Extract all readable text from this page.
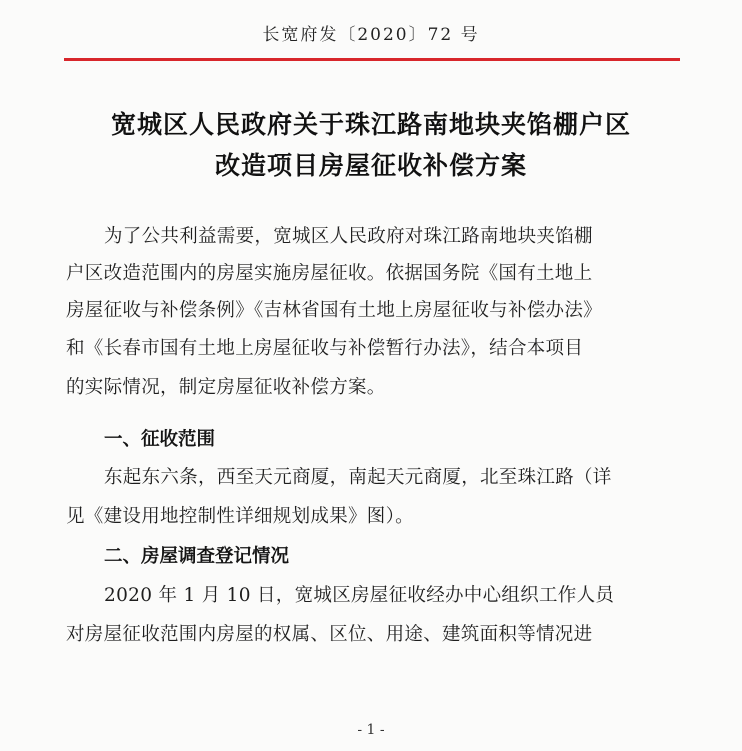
长宽府发〔2020〕72 号
宽城区人民政府关于珠江路南地块夹馅棚户区
改造项目房屋征收补偿方案
为了公共利益需要，宽城区人民政府对珠江路南地块夹馅棚
户区改造范围内的房屋实施房屋征收。依据国务院《国有土地上
房屋征收与补偿条例》《吉林省国有土地上房屋征收与补偿办法》
和《长春市国有土地上房屋征收与补偿暂行办法》，结合本项目
的实际情况，制定房屋征收补偿方案。
一、征收范围
东起东六条，西至天元商厦，南起天元商厦，北至珠江路（详
见《建设用地控制性详细规划成果》图）。
二、房屋调查登记情况
2020 年 1 月 10 日，宽城区房屋征收经办中心组织工作人员
对房屋征收范围内房屋的权属、区位、用途、建筑面积等情况进
- 1 -
